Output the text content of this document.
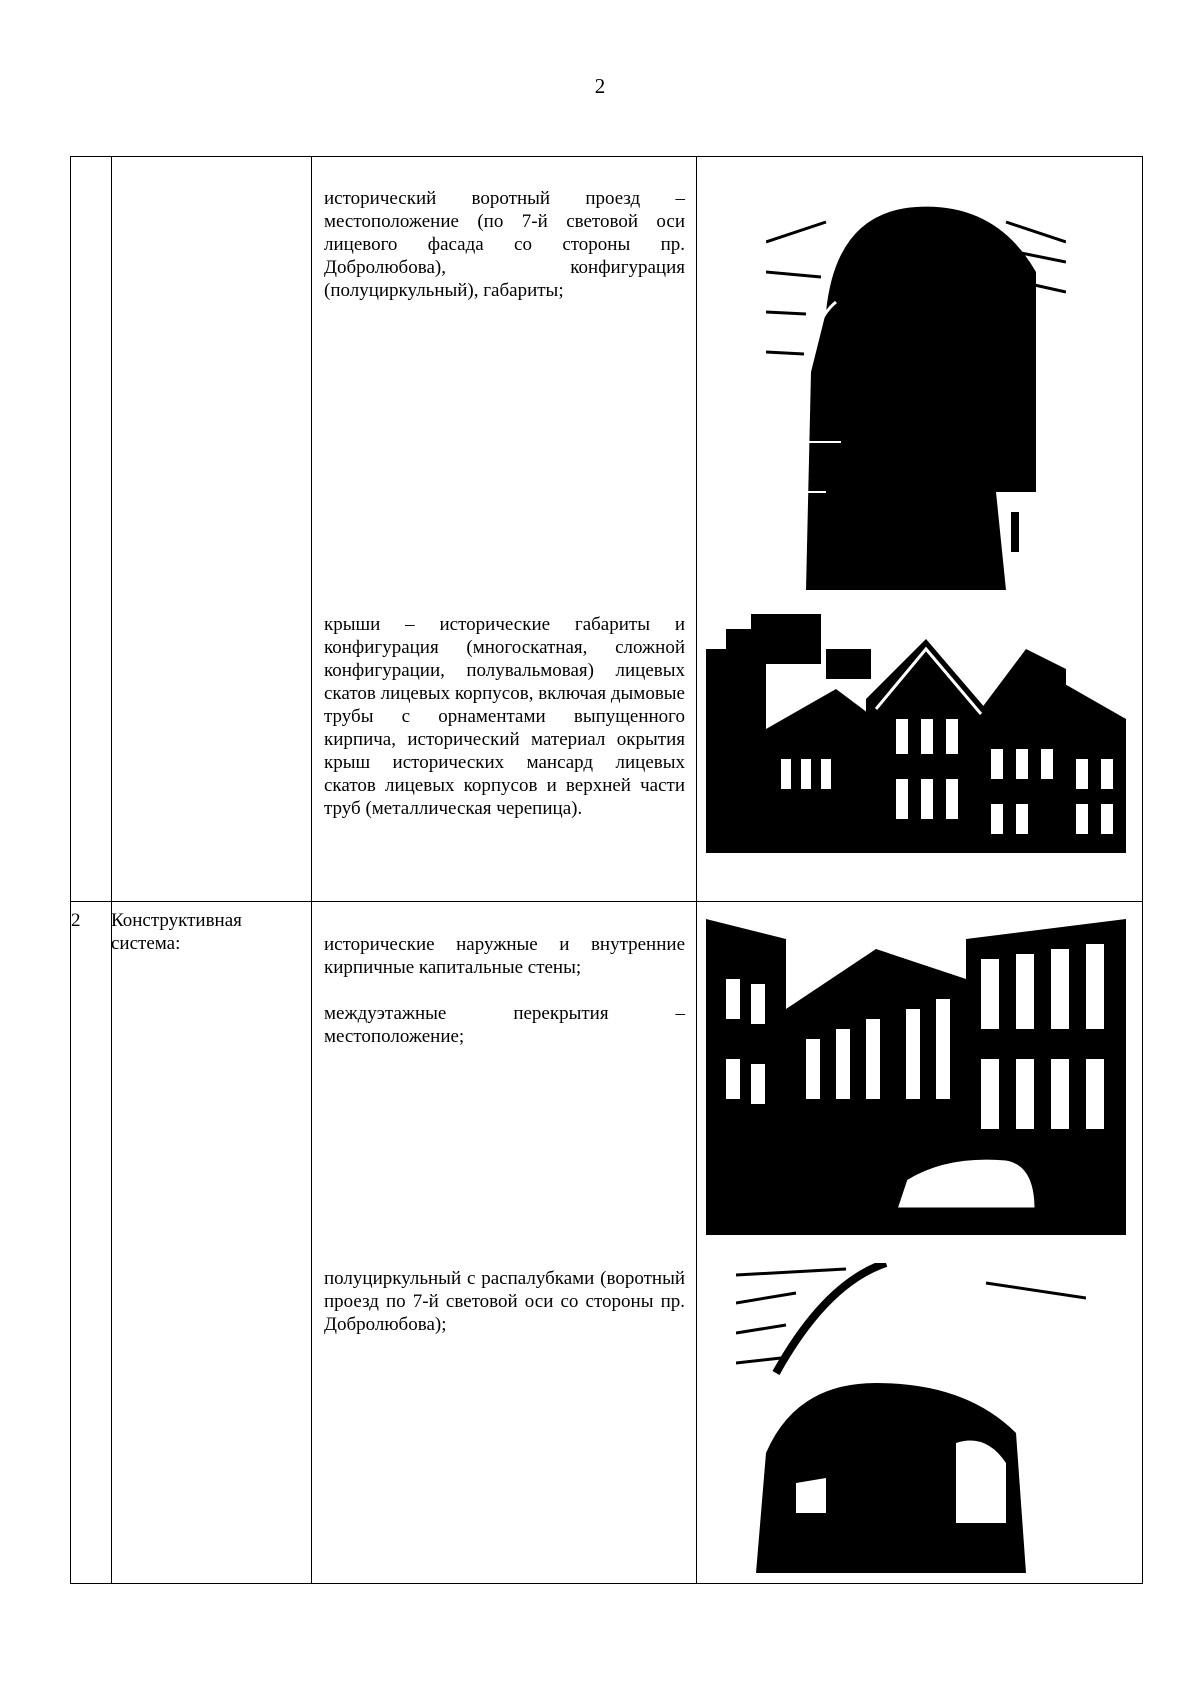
2

исторический воротный проезд – местоположение (по 7-й световой оси лицевого фасада со стороны пр. Добролюбова), конфигурация (полуциркульный), габариты;

крыши – исторические габариты и конфигурация (многоскатная, сложной конфигурации, полувальмовая) лицевых скатов лицевых корпусов, включая дымовые трубы с орнаментами выпущенного кирпича, исторический материал окрытия крыш исторических мансард лицевых скатов лицевых корпусов и верхней части труб (металлическая черепица).

2	Конструктивная система:	исторические наружные и внутренние кирпичные капитальные стены;

междуэтажные перекрытия – местоположение;

полуциркульный с распалубками (воротный проезд по 7-й световой оси со стороны пр. Добролюбова);
